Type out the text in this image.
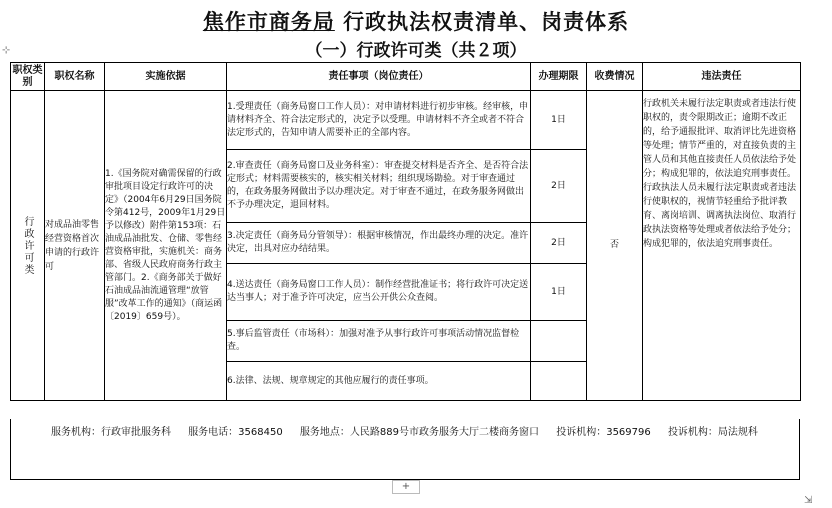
焦作市商务局 行政执法权责清单、岗责体系
（一）行政许可类（共２项）
⊹
⇲
职权类别	职权名称	实施依据	责任事项（岗位责任）	办理期限	收费情况	违法责任

行政许可类	对成品油零售经营资格首次申请的行政许可	1.《国务院对确需保留的行政审批项目设定行政许可的决定》（2004年6月29日国务院令第412号，2009年1月29日予以修改）附件第153项：石油成品油批发、仓储、零售经营资格审批，实施机关：商务部、省级人民政府商务行政主管部门。2.《商务部关于做好石油成品油流通管理“放管服”改革工作的通知》（商运函〔2019〕659号）。	1.受理责任（商务局窗口工作人员）：对申请材料进行初步审核。经审核，申请材料齐全、符合法定形式的，决定予以受理。申请材料不齐全或者不符合法定形式的，告知申请人需要补正的全部内容。	1日	否	行政机关未履行法定职责或者违法行使职权的，责令限期改正；逾期不改正的，给予通报批评、取消评比先进资格等处理；情节严重的，对直接负责的主管人员和其他直接责任人员依法给予处分；构成犯罪的，依法追究刑事责任。行政执法人员未履行法定职责或者违法行使职权的，视情节轻重给予批评教育、离岗培训、调离执法岗位、取消行政执法资格等处理或者依法给予处分；构成犯罪的，依法追究刑事责任。
			2.审查责任（商务局窗口及业务科室）：审查提交材料是否齐全、是否符合法定形式；材料需要核实的，核实相关材料；组织现场勘验。对于审查通过的，在政务服务网做出予以办理决定。对于审查不通过，在政务服务网做出不予办理决定，退回材料。	2日		
			3.决定责任（商务局分管领导）：根据审核情况，作出最终办理的决定。准许决定，出具对应办结结果。	2日		
			4.送达责任（商务局窗口工作人员）：制作经营批准证书；将行政许可决定送达当事人；对于准予许可决定，应当公开供公众查阅。	1日		
			5.事后监管责任（市场科）：加强对准予从事行政许可事项活动情况监督检查。			
			6.法律、法规、规章规定的其他应履行的责任事项。			
服务机构：行政审批服务科 服务电话：3568450 服务地点：人民路889号市政务服务大厅二楼商务窗口 投诉机构：3569796 投诉机构：局法规科
+
